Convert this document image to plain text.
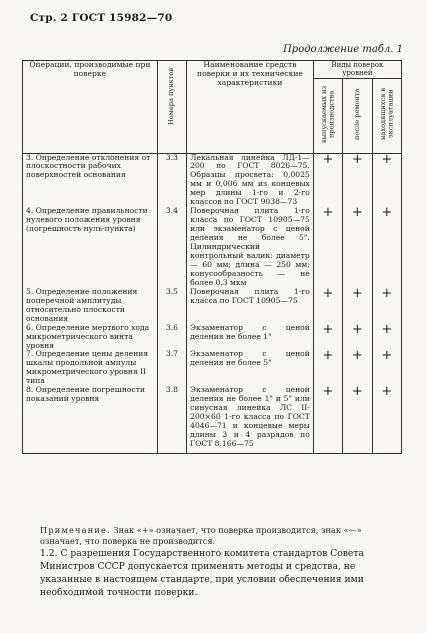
Стр. 2 ГОСТ 15982—70
Продолжение табл. 1
Операции, производимые при поверке	Номера пунктов	Наименование средств поверки и их технические характеристики	Виды поверок уровней		

			выпускаемых из производства	после ремонта	находящихся в эксплуатации

3. Определение отклонения от плоскостности рабочих поверхностей основания	3.3	Лекальная линейка ЛД-1—200 по ГОСТ 8026—75. Образцы просвета: 0,0025 мм и 0,006 мм из концевых мер длины 1-го и 2-го классов по ГОСТ 9038—73	+	+	+
4. Определение правильности нулевого положения уровня (погрешность нуль-пункта)	3.4	Поверочная плита 1-го класса по ГОСТ 10905—75 или экзаменатор с ценой деления не более 5". Цилиндрический контрольный валик: диаметр — 60 мм; длина — 250 мм; конусообразность — не более 0,3 мкм	+	+	+
5. Определение положения поперечной амплитуды относительно плоскости основания	3.5	Поверочная плита 1-го класса по ГОСТ 10905—75	+	+	+
6. Определение мертвого хода микрометрического винта уровня	3.6	Экзаменатор с ценой деления не более 1"	+	+	+
7. Определение цены деления шкалы продольной ампулы микрометрического уровня II типа	3.7	Экзаменатор с ценой деления не более 5"	+	+	+
8. Определение погрешности показаний уровня	3.8	Экзаменатор с ценой деления не более 1" и 5" или синусная линейка ЛС II-200×60 1-го класса по ГОСТ 4046—71 и концевые меры длины 3 и 4 разрядов по ГОСТ 8.166—75	+	+	+
Примечание. Знак «+» означает, что поверка производится, знак «—» означает, что поверка не производится.
1.2. С разрешения Государственного комитета стандартов Совета Министров СССР допускается применять методы и средства, не указанные в настоящем стандарте, при условии обеспечения ими необходимой точности поверки.
